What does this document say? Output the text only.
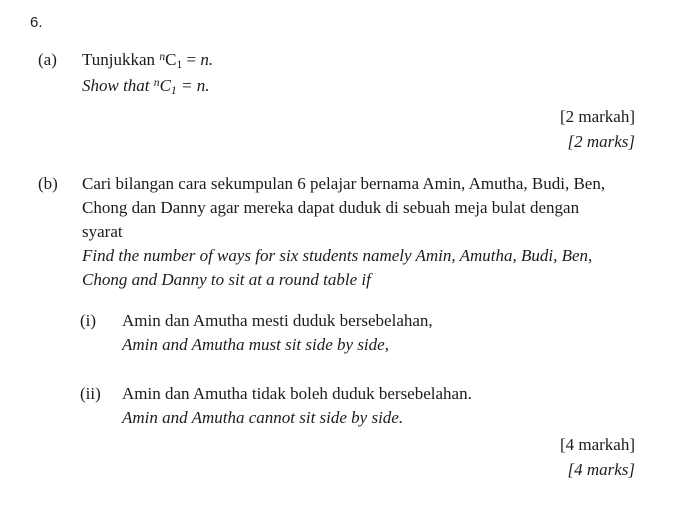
6.
(a)	Tunjukkan $^n$C1 = n.

Show that $^n$C1 = n.

[2 markah]
[2 marks]
(b)	Cari bilangan cara sekumpulan 6 pelajar bernama Amin, Amutha, Budi, Ben,

Chong dan Danny agar mereka dapat duduk di sebuah meja bulat dengan

syarat

Find the number of ways for six students namely Amin, Amutha, Budi, Ben,

Chong and Danny to sit at a round table if

(i)	Amin dan Amutha mesti duduk bersebelahan,

Amin and Amutha must sit side by side,

(ii)	Amin dan Amutha tidak boleh duduk bersebelahan.

Amin and Amutha cannot sit side by side.

[4 markah]
[4 marks]
